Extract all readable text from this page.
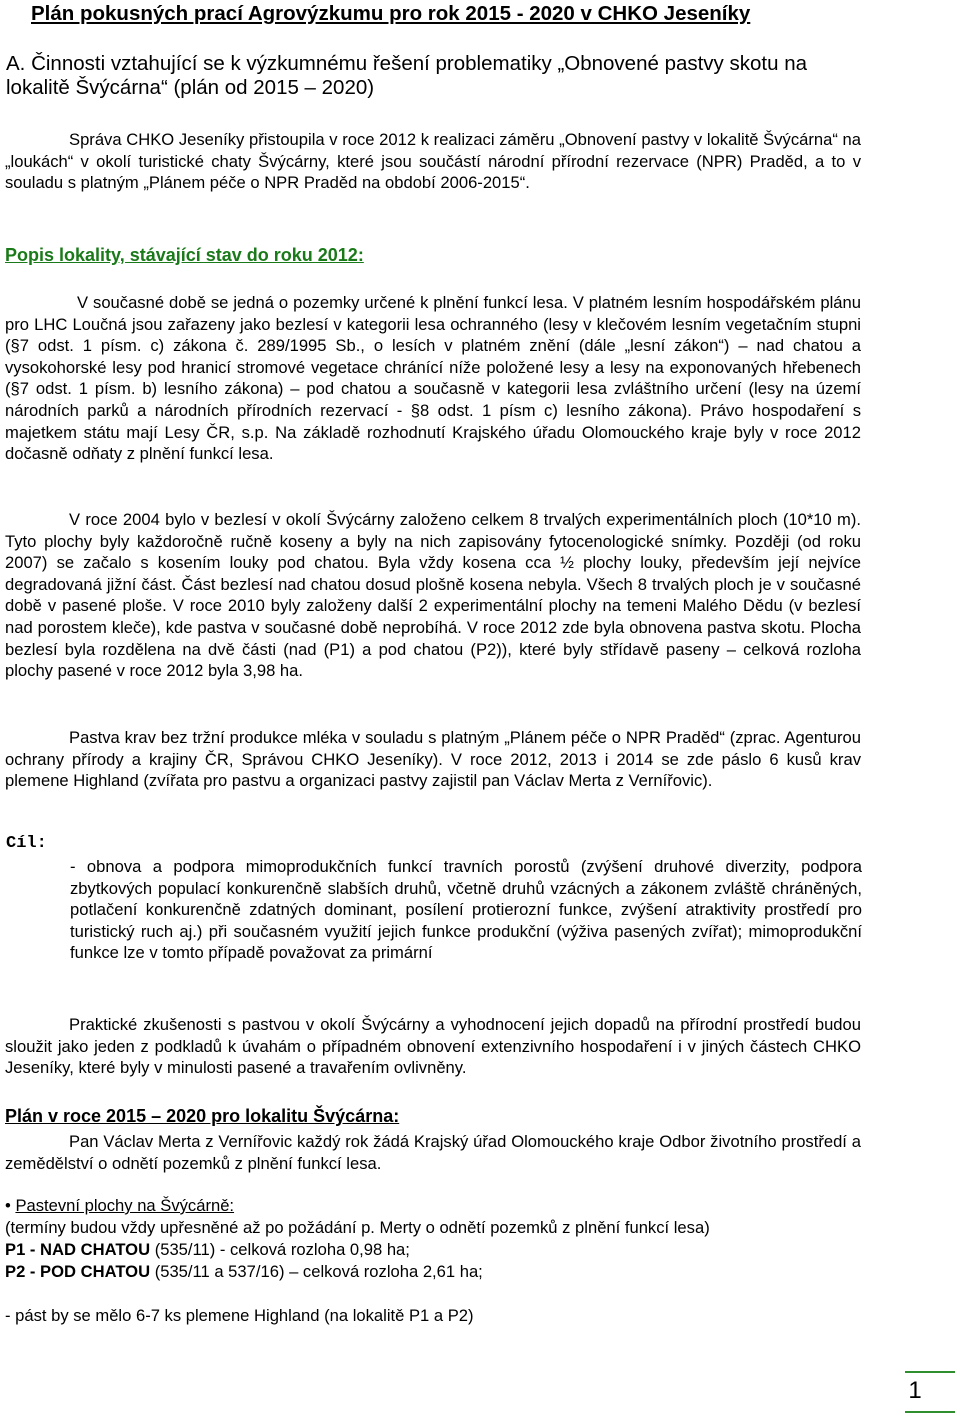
Plán pokusných prací Agrovýzkumu pro rok 2015 - 2020 v CHKO Jeseníky
A. Činnosti vztahující se k výzkumnému řešení problematiky „Obnovené pastvy skotu na lokalitě Švýcárna“ (plán od 2015 – 2020)
Správa CHKO Jeseníky přistoupila v roce 2012 k realizaci záměru „Obnovení pastvy v lokalitě Švýcárna“ na „loukách“ v okolí turistické chaty Švýcárny, které jsou součástí národní přírodní rezervace (NPR) Praděd, a to v souladu s platným „Plánem péče o NPR Praděd na období 2006-2015“.
Popis lokality, stávající stav do roku 2012:
V současné době se jedná o pozemky určené k plnění funkcí lesa. V platném lesním hospodářském plánu pro LHC Loučná jsou zařazeny jako bezlesí v kategorii lesa ochranného (lesy v klečovém lesním vegetačním stupni (§7 odst. 1 písm. c) zákona č. 289/1995 Sb., o lesích v platném znění (dále „lesní zákon“) – nad chatou a vysokohorské lesy pod hranicí stromové vegetace chránící níže položené lesy a lesy na exponovaných hřebenech (§7 odst. 1 písm. b) lesního zákona) – pod chatou a současně v kategorii lesa zvláštního určení (lesy na území národních parků a národních přírodních rezervací - §8 odst. 1 písm c) lesního zákona). Právo hospodaření s majetkem státu mají Lesy ČR, s.p. Na základě rozhodnutí Krajského úřadu Olomouckého kraje byly v roce 2012 dočasně odňaty z plnění funkcí lesa.
V roce 2004 bylo v bezlesí v okolí Švýcárny založeno celkem 8 trvalých experimentálních ploch (10*10 m). Tyto plochy byly každoročně ručně koseny a byly na nich zapisovány fytocenologické snímky. Později (od roku 2007) se začalo s kosením louky pod chatou. Byla vždy kosena cca ½ plochy louky, především její nejvíce degradovaná jižní část. Část bezlesí nad chatou dosud plošně kosena nebyla. Všech 8 trvalých ploch je v současné době v pasené ploše. V roce 2010 byly založeny další 2 experimentální plochy na temeni Malého Dědu (v bezlesí nad porostem kleče), kde pastva v současné době neprobíhá. V roce 2012 zde byla obnovena pastva skotu. Plocha bezlesí byla rozdělena na dvě části (nad (P1) a pod chatou (P2)), které byly střídavě paseny – celková rozloha plochy pasené v roce 2012 byla 3,98 ha.
Pastva krav bez tržní produkce mléka v souladu s platným „Plánem péče o NPR Praděd“ (zprac. Agenturou ochrany přírody a krajiny ČR, Správou CHKO Jeseníky). V roce 2012, 2013 i 2014 se zde páslo 6 kusů krav plemene Highland (zvířata pro pastvu a organizaci pastvy zajistil pan Václav Merta z Vernířovic).
Cíl:
- obnova a podpora mimoprodukčních funkcí travních porostů (zvýšení druhové diverzity, podpora zbytkových populací konkurenčně slabších druhů, včetně druhů vzácných a zákonem zvláště chráněných, potlačení konkurenčně zdatných dominant, posílení protierozní funkce, zvýšení atraktivity prostředí pro turistický ruch aj.) při současném využití jejich funkce produkční (výživa pasených zvířat); mimoprodukční funkce lze v tomto případě považovat za primární
Praktické zkušenosti s pastvou v okolí Švýcárny a vyhodnocení jejich dopadů na přírodní prostředí budou sloužit jako jeden z podkladů k úvahám o případném obnovení extenzivního hospodaření i v jiných částech CHKO Jeseníky, které byly v minulosti pasené a travařením ovlivněny.
Plán v roce 2015 – 2020 pro lokalitu Švýcárna:
Pan Václav Merta z Vernířovic každý rok žádá Krajský úřad Olomouckého kraje Odbor životního prostředí a zemědělství o odnětí pozemků z plnění funkcí lesa.
• Pastevní plochy na Švýcárně:
(termíny budou vždy upřesněné až po požádání p. Merty o odnětí pozemků z plnění funkcí lesa)
P1 - NAD CHATOU (535/11) - celková rozloha 0,98 ha;
P2 - POD CHATOU (535/11 a 537/16) – celková rozloha 2,61 ha;
- pást by se mělo 6-7 ks plemene Highland (na lokalitě P1 a P2)
1
